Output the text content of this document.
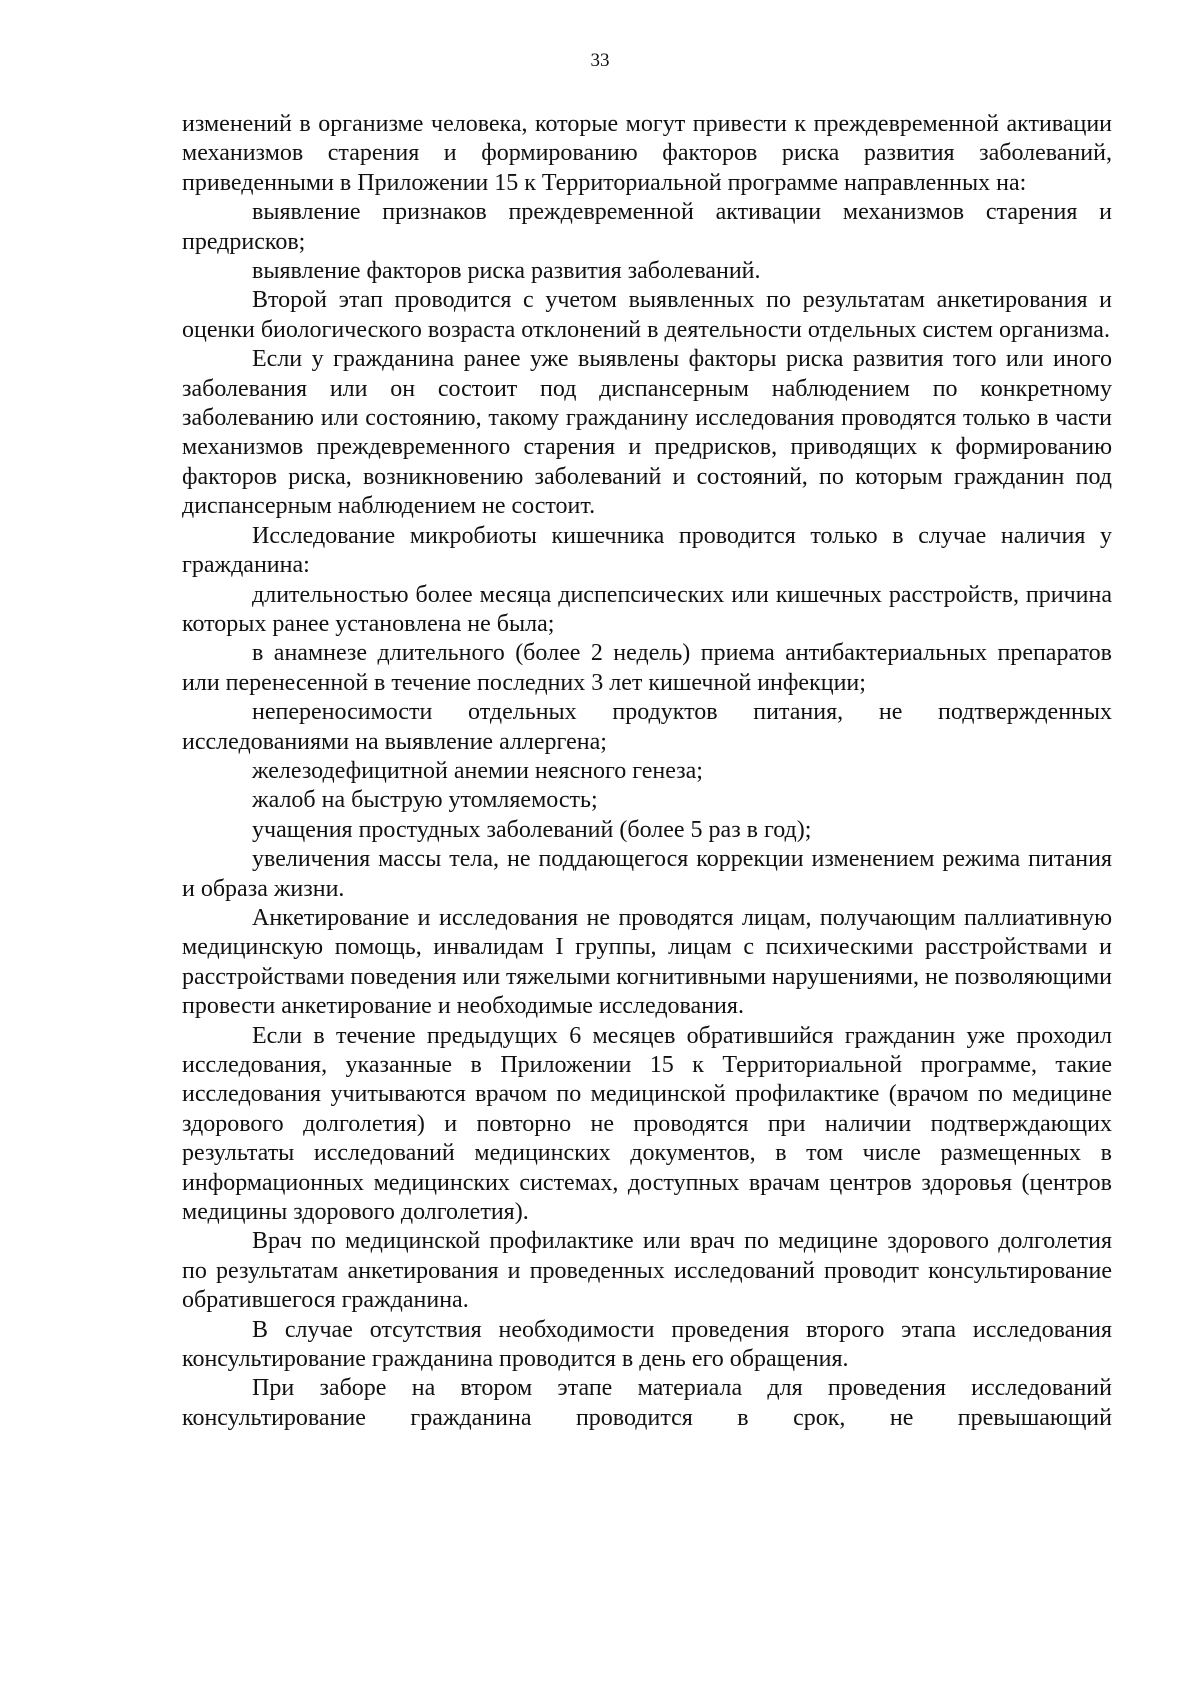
33

изменений в организме человека, которые могут привести к преждевременной активации механизмов старения и формированию факторов риска развития заболеваний, приведенными в Приложении 15 к Территориальной программе направленных на:

выявление признаков преждевременной активации механизмов старения и предрисков;

выявление факторов риска развития заболеваний.

Второй этап проводится с учетом выявленных по результатам анкетирования и оценки биологического возраста отклонений в деятельности отдельных систем организма.

Если у гражданина ранее уже выявлены факторы риска развития того или иного заболевания или он состоит под диспансерным наблюдением по конкретному заболеванию или состоянию, такому гражданину исследования проводятся только в части механизмов преждевременного старения и предрисков, приводящих к формированию факторов риска, возникновению заболеваний и состояний, по которым гражданин под диспансерным наблюдением не состоит.

Исследование микробиоты кишечника проводится только в случае наличия у гражданина:

длительностью более месяца диспепсических или кишечных расстройств, причина которых ранее установлена не была;

в анамнезе длительного (более 2 недель) приема антибактериальных препаратов или перенесенной в течение последних 3 лет кишечной инфекции;

непереносимости отдельных продуктов питания, не подтвержденных исследованиями на выявление аллергена;

железодефицитной анемии неясного генеза;

жалоб на быструю утомляемость;

учащения простудных заболеваний (более 5 раз в год);

увеличения массы тела, не поддающегося коррекции изменением режима питания и образа жизни.

Анкетирование и исследования не проводятся лицам, получающим паллиативную медицинскую помощь, инвалидам I группы, лицам с психическими расстройствами и расстройствами поведения или тяжелыми когнитивными нарушениями, не позволяющими провести анкетирование и необходимые исследования.

Если в течение предыдущих 6 месяцев обратившийся гражданин уже проходил исследования, указанные в Приложении 15 к Территориальной программе, такие исследования учитываются врачом по медицинской профилактике (врачом по медицине здорового долголетия) и повторно не проводятся при наличии подтверждающих результаты исследований медицинских документов, в том числе размещенных в информационных медицинских системах, доступных врачам центров здоровья (центров медицины здорового долголетия).

Врач по медицинской профилактике или врач по медицине здорового долголетия по результатам анкетирования и проведенных исследований проводит консультирование обратившегося гражданина.

В случае отсутствия необходимости проведения второго этапа исследования консультирование гражданина проводится в день его обращения.

При заборе на втором этапе материала для проведения исследований консультирование гражданина проводится в срок, не превышающий
